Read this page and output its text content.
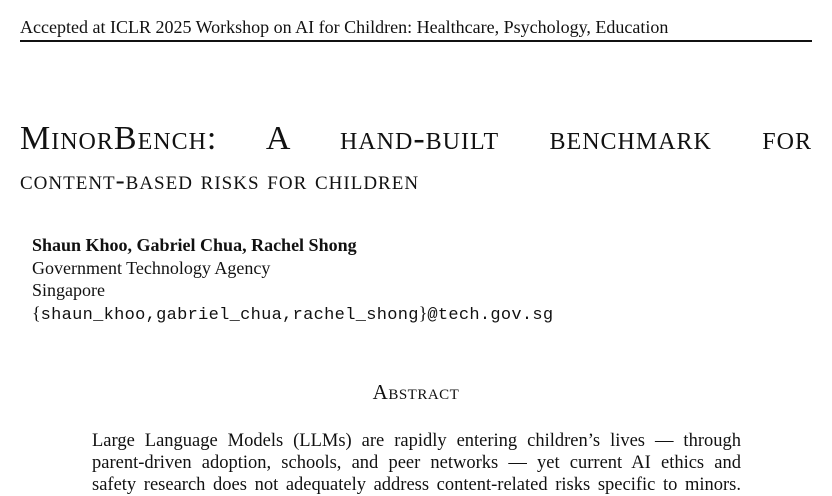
Accepted at ICLR 2025 Workshop on AI for Children: Healthcare, Psychology, Education
MinorBench: A hand-built benchmark for
content-based risks for children
Shaun Khoo, Gabriel Chua, Rachel Shong
Government Technology Agency
Singapore
{shaun_khoo,gabriel_chua,rachel_shong}@tech.gov.sg
Abstract
Large Language Models (LLMs) are rapidly entering children’s lives — through
parent-driven adoption, schools, and peer networks — yet current AI ethics and
safety research does not adequately address content-related risks specific to minors.
